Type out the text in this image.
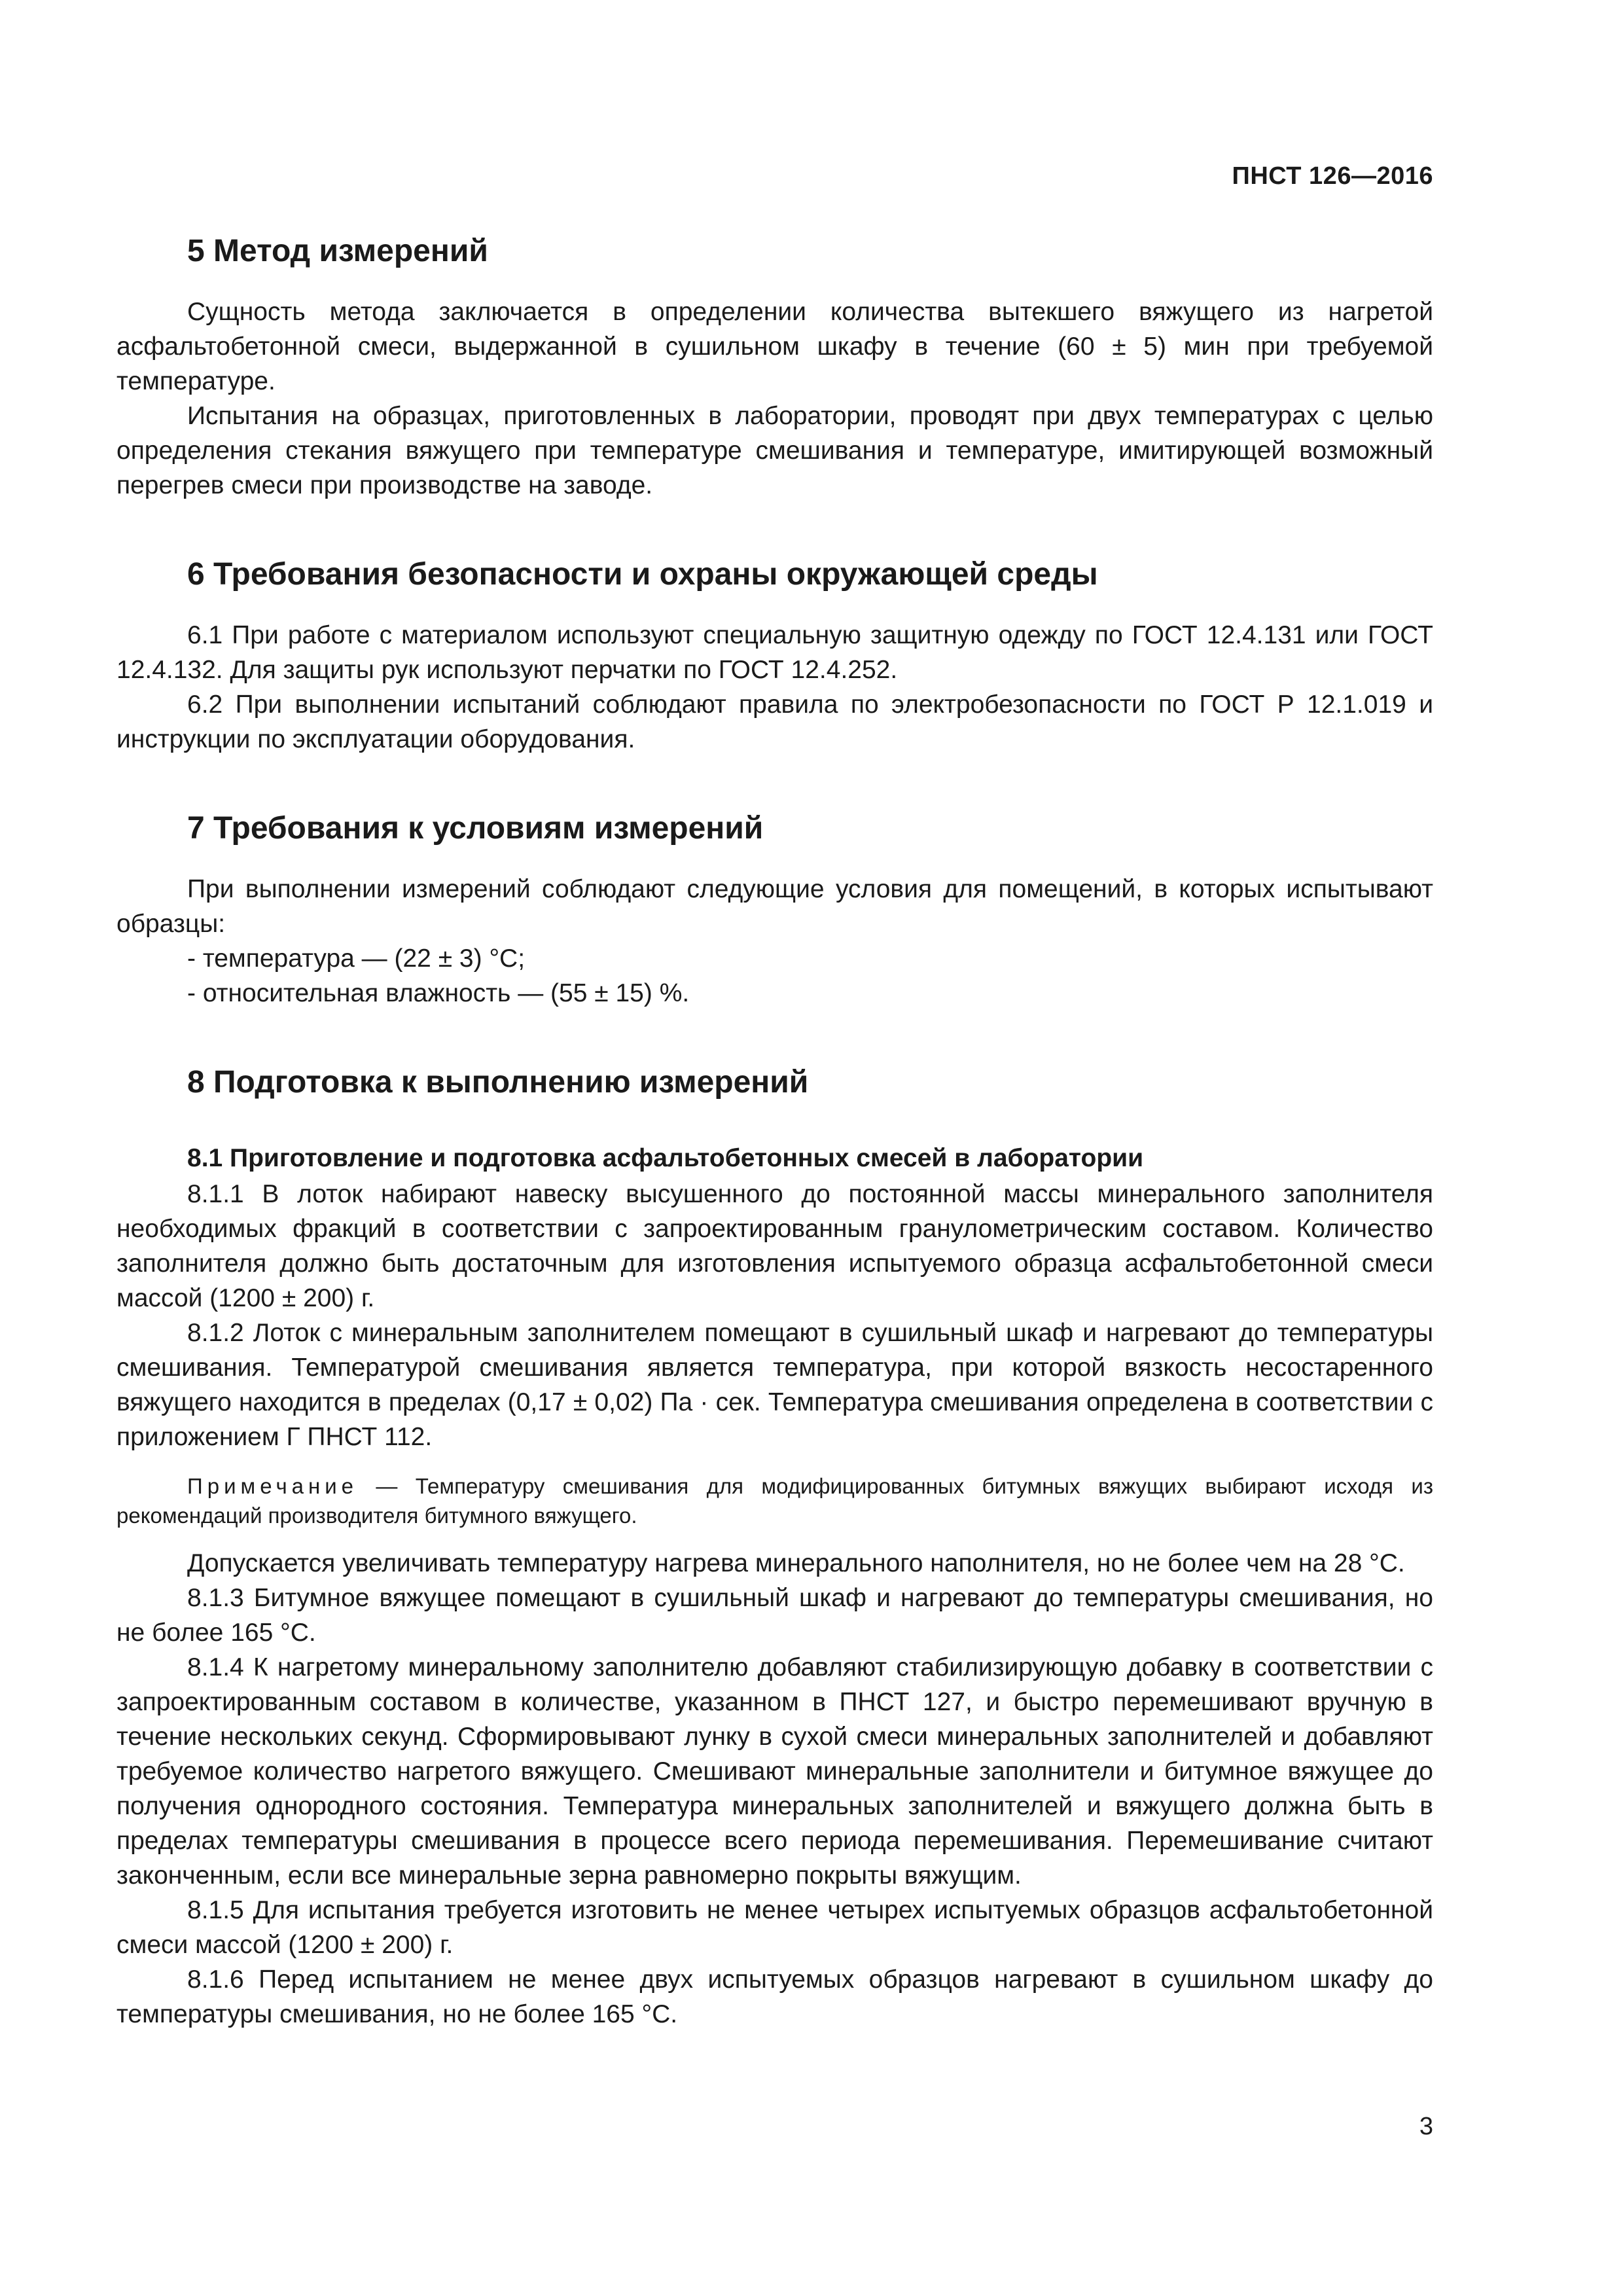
ПНСТ 126—2016
5 Метод измерений

Сущность метода заключается в определении количества вытекшего вяжущего из нагретой асфальтобетонной смеси, выдержанной в сушильном шкафу в течение (60 ± 5) мин при требуемой температуре.

Испытания на образцах, приготовленных в лаборатории, проводят при двух температурах с целью определения стекания вяжущего при температуре смешивания и температуре, имитирующей возможный перегрев смеси при производстве на заводе.

6 Требования безопасности и охраны окружающей среды

6.1 При работе с материалом используют специальную защитную одежду по ГОСТ 12.4.131 или ГОСТ 12.4.132. Для защиты рук используют перчатки по ГОСТ 12.4.252.

6.2 При выполнении испытаний соблюдают правила по электробезопасности по ГОСТ Р 12.1.019 и инструкции по эксплуатации оборудования.

7 Требования к условиям измерений

При выполнении измерений соблюдают следующие условия для помещений, в которых испытывают образцы:

- температура — (22 ± 3) °C;

- относительная влажность — (55 ± 15) %.

8 Подготовка к выполнению измерений
8.1 Приготовление и подготовка асфальтобетонных смесей в лаборатории

8.1.1 В лоток набирают навеску высушенного до постоянной массы минерального заполнителя необходимых фракций в соответствии с запроектированным гранулометрическим составом. Количество заполнителя должно быть достаточным для изготовления испытуемого образца асфальтобетонной смеси массой (1200 ± 200) г.

8.1.2 Лоток с минеральным заполнителем помещают в сушильный шкаф и нагревают до температуры смешивания. Температурой смешивания является температура, при которой вязкость несостаренного вяжущего находится в пределах (0,17 ± 0,02) Па · сек. Температура смешивания определена в соответствии с приложением Г ПНСТ 112.

Примечание — Температуру смешивания для модифицированных битумных вяжущих выбирают исходя из рекомендаций производителя битумного вяжущего.

Допускается увеличивать температуру нагрева минерального наполнителя, но не более чем на 28 °C.

8.1.3 Битумное вяжущее помещают в сушильный шкаф и нагревают до температуры смешивания, но не более 165 °C.

8.1.4 К нагретому минеральному заполнителю добавляют стабилизирующую добавку в соответствии с запроектированным составом в количестве, указанном в ПНСТ 127, и быстро перемешивают вручную в течение нескольких секунд. Сформировывают лунку в сухой смеси минеральных заполнителей и добавляют требуемое количество нагретого вяжущего. Смешивают минеральные заполнители и битумное вяжущее до получения однородного состояния. Температура минеральных заполнителей и вяжущего должна быть в пределах температуры смешивания в процессе всего периода перемешивания. Перемешивание считают законченным, если все минеральные зерна равномерно покрыты вяжущим.

8.1.5 Для испытания требуется изготовить не менее четырех испытуемых образцов асфальтобетонной смеси массой (1200 ± 200) г.

8.1.6 Перед испытанием не менее двух испытуемых образцов нагревают в сушильном шкафу до температуры смешивания, но не более 165 °C.

3
